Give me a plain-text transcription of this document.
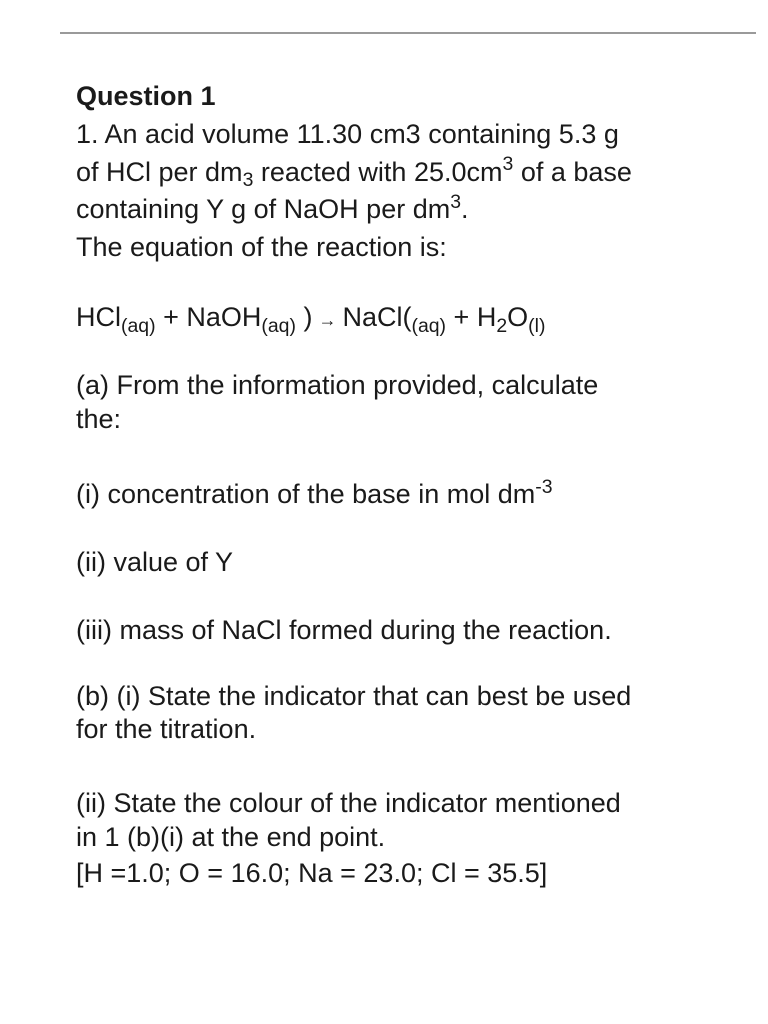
Question 1

1. An acid volume 11.30 cm3 containing 5.3 g

of HCl per $dm_3$ reacted with $25.0cm^3$ of a base

containing Y g of NaOH per $dm^3$.

The equation of the reaction is:

HCl$_{(aq)}$ + NaOH$_{(aq)}$ ) → $NaCl(_{(aq)} + H_2O_{(l)}$

(a) From the information provided, calculate

the:

(i) concentration of the base in mol $dm^{-3}$

(ii) value of Y

(iii) mass of NaCl formed during the reaction.

(b) (i) State the indicator that can best be used

for the titration.

(ii) State the colour of the indicator mentioned

in 1 (b)(i) at the end point.

[H =1.0; O = 16.0; Na = 23.0; Cl = 35.5]
